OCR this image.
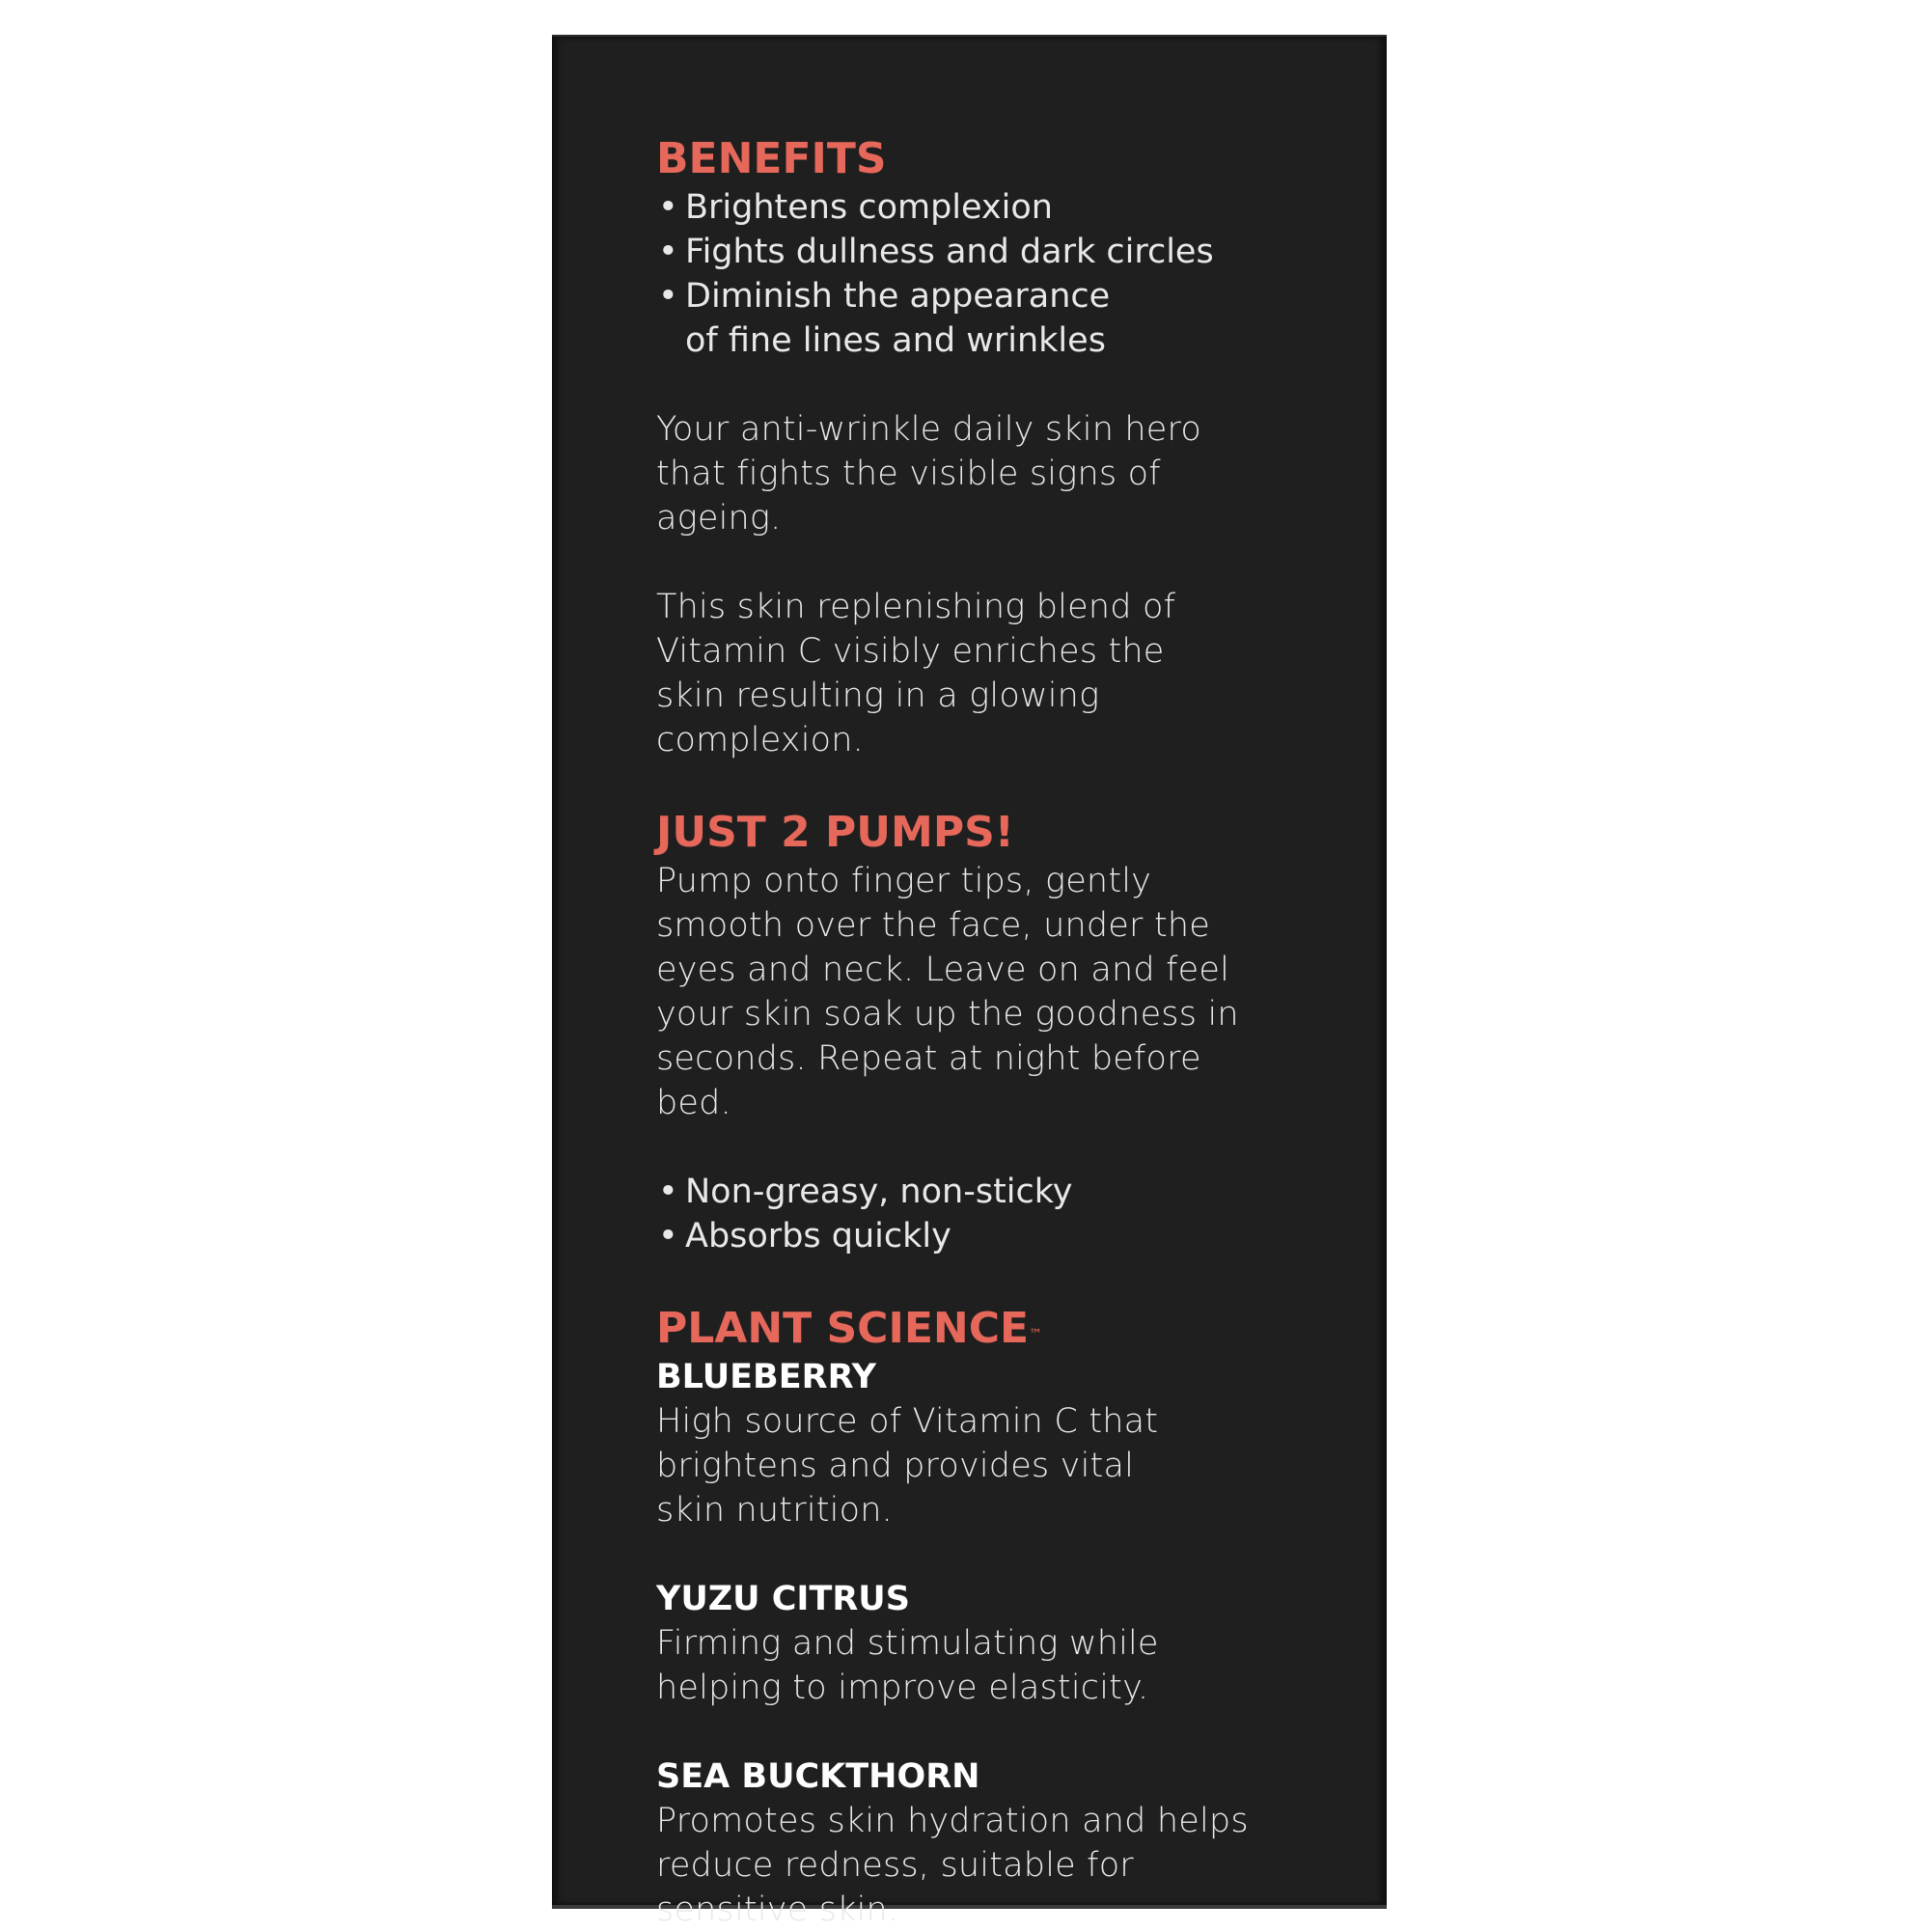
BENEFITS
• Brightens complexion
• Fights dullness and dark circles
• Diminish the appearance of fine lines and wrinkles

Your anti-wrinkle daily skin hero that fights the visible signs of ageing.

This skin replenishing blend of Vitamin C visibly enriches the skin resulting in a glowing complexion.

JUST 2 PUMPS!

Pump onto finger tips, gently smooth over the face, under the eyes and neck. Leave on and feel your skin soak up the goodness in seconds. Repeat at night before bed.

• Non-greasy, non-sticky
• Absorbs quickly
PLANT SCIENCE™
BLUEBERRY

High source of Vitamin C that brightens and provides vital skin nutrition.

YUZU CITRUS

Firming and stimulating while helping to improve elasticity.

SEA BUCKTHORN

Promotes skin hydration and helps reduce redness, suitable for sensitive skin.
